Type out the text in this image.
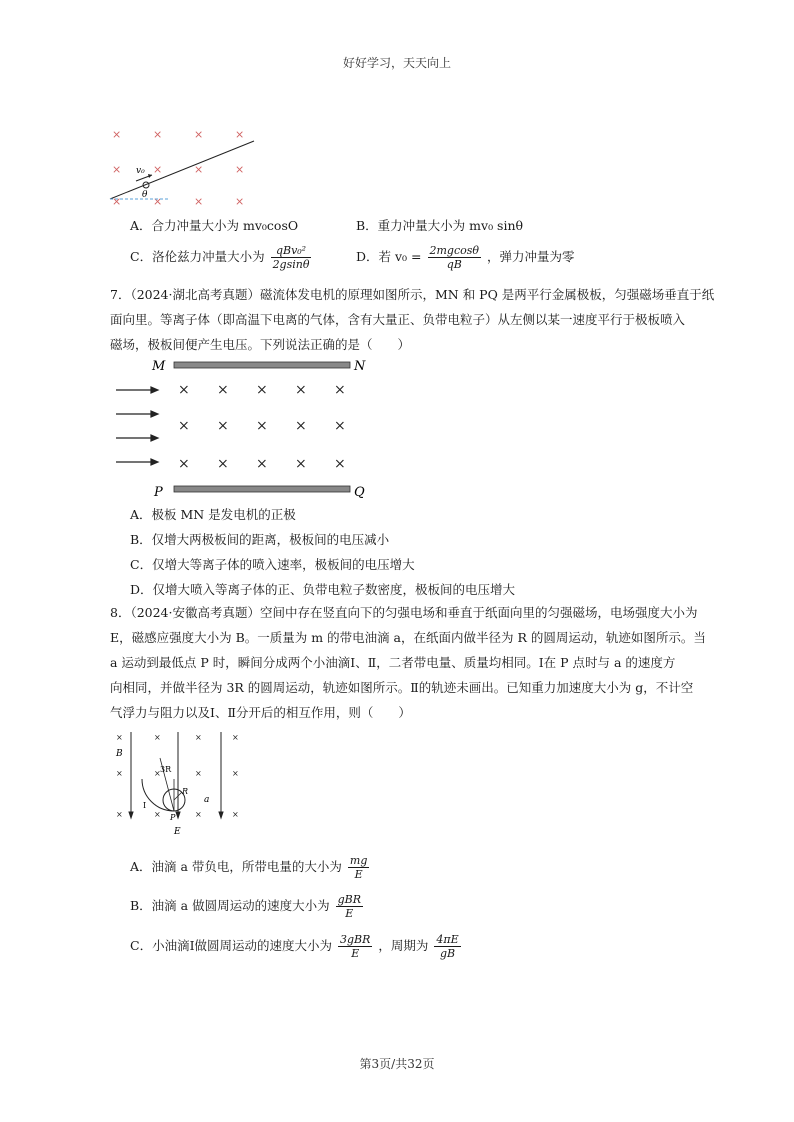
好好学习，天天向上
×	×	×	×
×	×	×	×
×	×	×	×
v₀
θ
A．合力冲量大小为 mv₀cosO	B．重力冲量大小为 mv₀ sinθ
C．洛伦兹力冲量大小为 $\frac{\text{qBv₀²}}{2gsin\theta}$	D．若 $v_0 = \frac{2mgcos\theta}{qB}$ ，弹力冲量为零
7．（2024·湖北高考真题）磁流体发电机的原理如图所示，MN 和 PQ 是两平行金属极板，匀强磁场垂直于纸
面向里。等离子体（即高温下电离的气体，含有大量正、负带电粒子）从左侧以某一速度平行于极板喷入
磁场，极板间便产生电压。下列说法正确的是（　　）
M	N
P	Q
× × × × ×
× × × × ×
× × × × ×
A．极板 MN 是发电机的正极
B．仅增大两极板间的距离，极板间的电压减小
C．仅增大等离子体的喷入速率，极板间的电压增大
D．仅增大喷入等离子体的正、负带电粒子数密度，极板间的电压增大
8．（2024·安徽高考真题）空间中存在竖直向下的匀强电场和垂直于纸面向里的匀强磁场，电场强度大小为
E，磁感应强度大小为 B。一质量为 m 的带电油滴 a，在纸面内做半径为 R 的圆周运动，轨迹如图所示。当
a 运动到最低点 P 时，瞬间分成两个小油滴Ⅰ、Ⅱ，二者带电量、质量均相同。Ⅰ在 P 点时与 a 的速度方
向相同，并做半径为 3R 的圆周运动，轨迹如图所示。Ⅱ的轨迹未画出。已知重力加速度大小为 g，不计空
气浮力与阻力以及Ⅰ、Ⅱ分开后的相互作用，则（　　）
×	×	×	×
×	×	×	×
×	×	×	×
B
3R
R
a
P
Ⅰ
E
A．油滴 a 带负电，所带电量的大小为 $\frac{mg}{E}$
B．油滴 a 做圆周运动的速度大小为 $\frac{\text{gBR}}{E}$
C．小油滴Ⅰ做圆周运动的速度大小为 $\frac{\text{3gBR}}{E}$ ，周期为 $\frac{4\pi E}{gB}$
第3页/共32页
